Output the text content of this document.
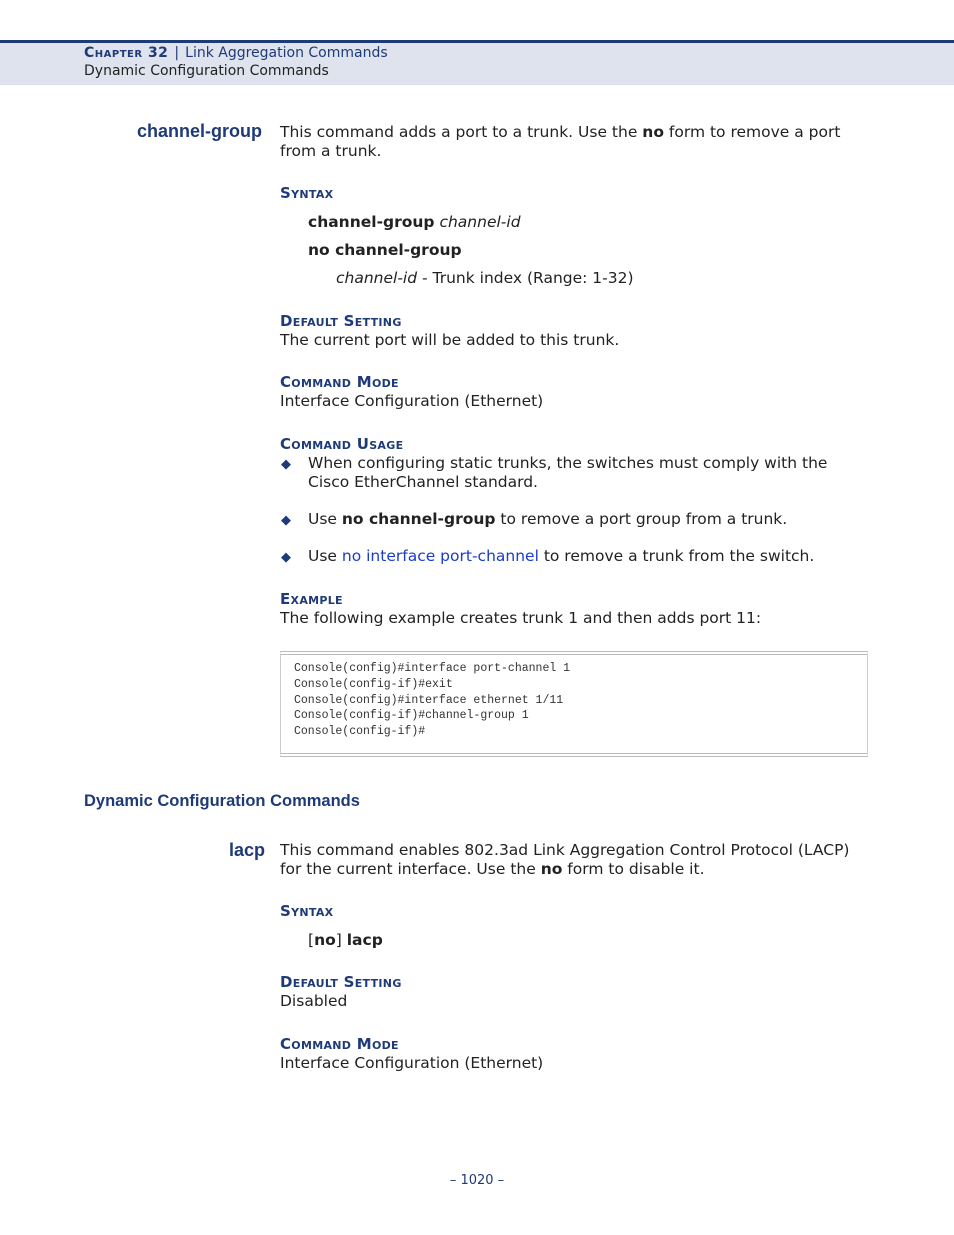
Chapter 32 | Link Aggregation Commands
Dynamic Configuration Commands
channel-group This command adds a port to a trunk. Use the no form to remove a port
from a trunk.
Syntax
channel-group channel-id
no channel-group
channel-id - Trunk index (Range: 1-32)
Default Setting
The current port will be added to this trunk.
Command Mode
Interface Configuration (Ethernet)
Command Usage
◆ When configuring static trunks, the switches must comply with the
Cisco EtherChannel standard.
◆ Use no channel-group to remove a port group from a trunk.
◆ Use no interface port-channel to remove a trunk from the switch.
Example
The following example creates trunk 1 and then adds port 11:
Console(config)#interface port-channel 1
Console(config-if)#exit
Console(config)#interface ethernet 1/11
Console(config-if)#channel-group 1
Console(config-if)#
Dynamic Configuration Commands
lacp This command enables 802.3ad Link Aggregation Control Protocol (LACP)
for the current interface. Use the no form to disable it.
Syntax
[no] lacp
Default Setting
Disabled
Command Mode
Interface Configuration (Ethernet)
– 1020 –
